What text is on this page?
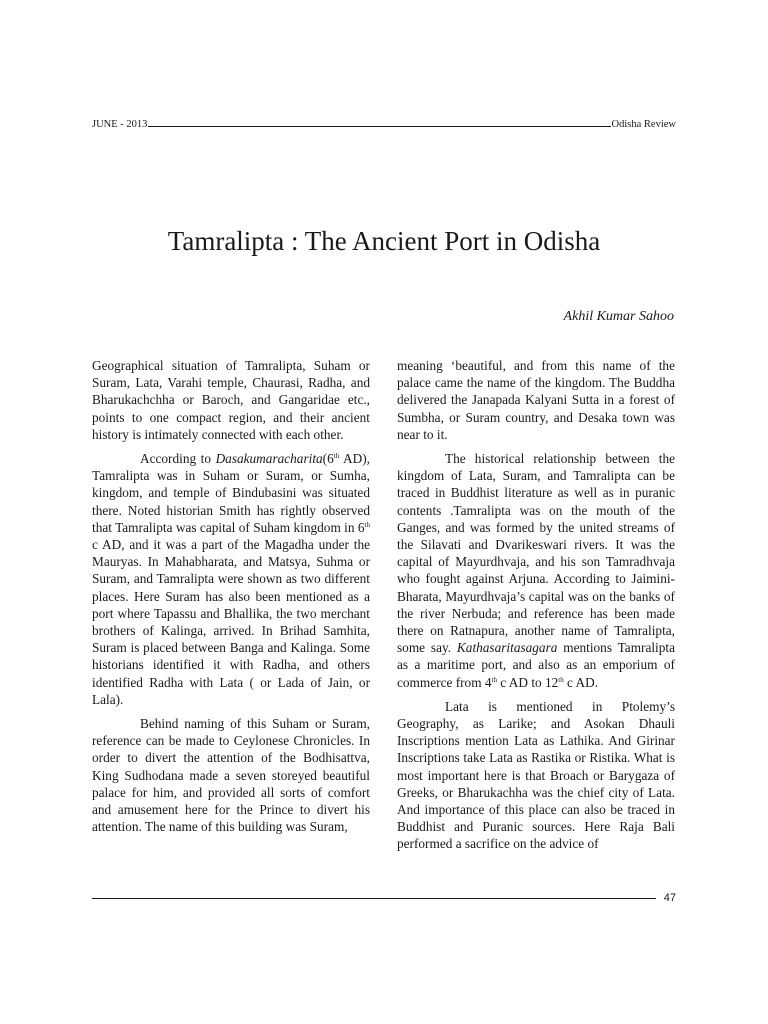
JUNE - 2013	Odisha Review
Tamralipta : The Ancient Port in Odisha
Akhil Kumar Sahoo

Geographical situation of Tamralipta, Suham or Suram, Lata, Varahi temple, Chaurasi, Radha, and Bharukachchha or Baroch, and Gangaridae etc., points to one compact region, and their ancient history is intimately connected with each other.

According to Dasakumaracharita(6th AD), Tamralipta was in Suham or Suram, or Sumha, kingdom, and temple of Bindubasini was situated there. Noted historian Smith has rightly observed that Tamralipta was capital of Suham kingdom in 6th c AD, and it was a part of the Magadha under the Mauryas. In Mahabharata, and Matsya, Suhma or Suram, and Tamralipta were shown as two different places. Here Suram has also been mentioned as a port where Tapassu and Bhallika, the two merchant brothers of Kalinga, arrived. In Brihad Samhita, Suram is placed between Banga and Kalinga. Some historians identified it with Radha, and others identified Radha with Lata ( or Lada of Jain, or Lala).

Behind naming of this Suham or Suram, reference can be made to Ceylonese Chronicles. In order to divert the attention of the Bodhisattva, King Sudhodana made a seven storeyed beautiful palace for him, and provided all sorts of comfort and amusement here for the Prince to divert his attention. The name of this building was Suram,

meaning ‘beautiful, and from this name of the palace came the name of the kingdom. The Buddha delivered the Janapada Kalyani Sutta in a forest of Sumbha, or Suram country, and Desaka town was near to it.

The historical relationship between the kingdom of Lata, Suram, and Tamralipta can be traced in Buddhist literature as well as in puranic contents .Tamralipta was on the mouth of the Ganges, and was formed by the united streams of the Silavati and Dvarikeswari rivers. It was the capital of Mayurdhvaja, and his son Tamradhvaja who fought against Arjuna. According to Jaimini-Bharata, Mayurdhvaja’s capital was on the banks of the river Nerbuda; and reference has been made there on Ratnapura, another name of Tamralipta, some say. Kathasaritasagara mentions Tamralipta as a maritime port, and also as an emporium of commerce from 4th c AD to 12th c AD.

Lata is mentioned in Ptolemy’s Geography, as Larike; and Asokan Dhauli Inscriptions mention Lata as Lathika. And Girinar Inscriptions take Lata as Rastika or Ristika. What is most important here is that Broach or Barygaza of Greeks, or Bharukachha was the chief city of Lata. And importance of this place can also be traced in Buddhist and Puranic sources. Here Raja Bali performed a sacrifice on the advice of

47
